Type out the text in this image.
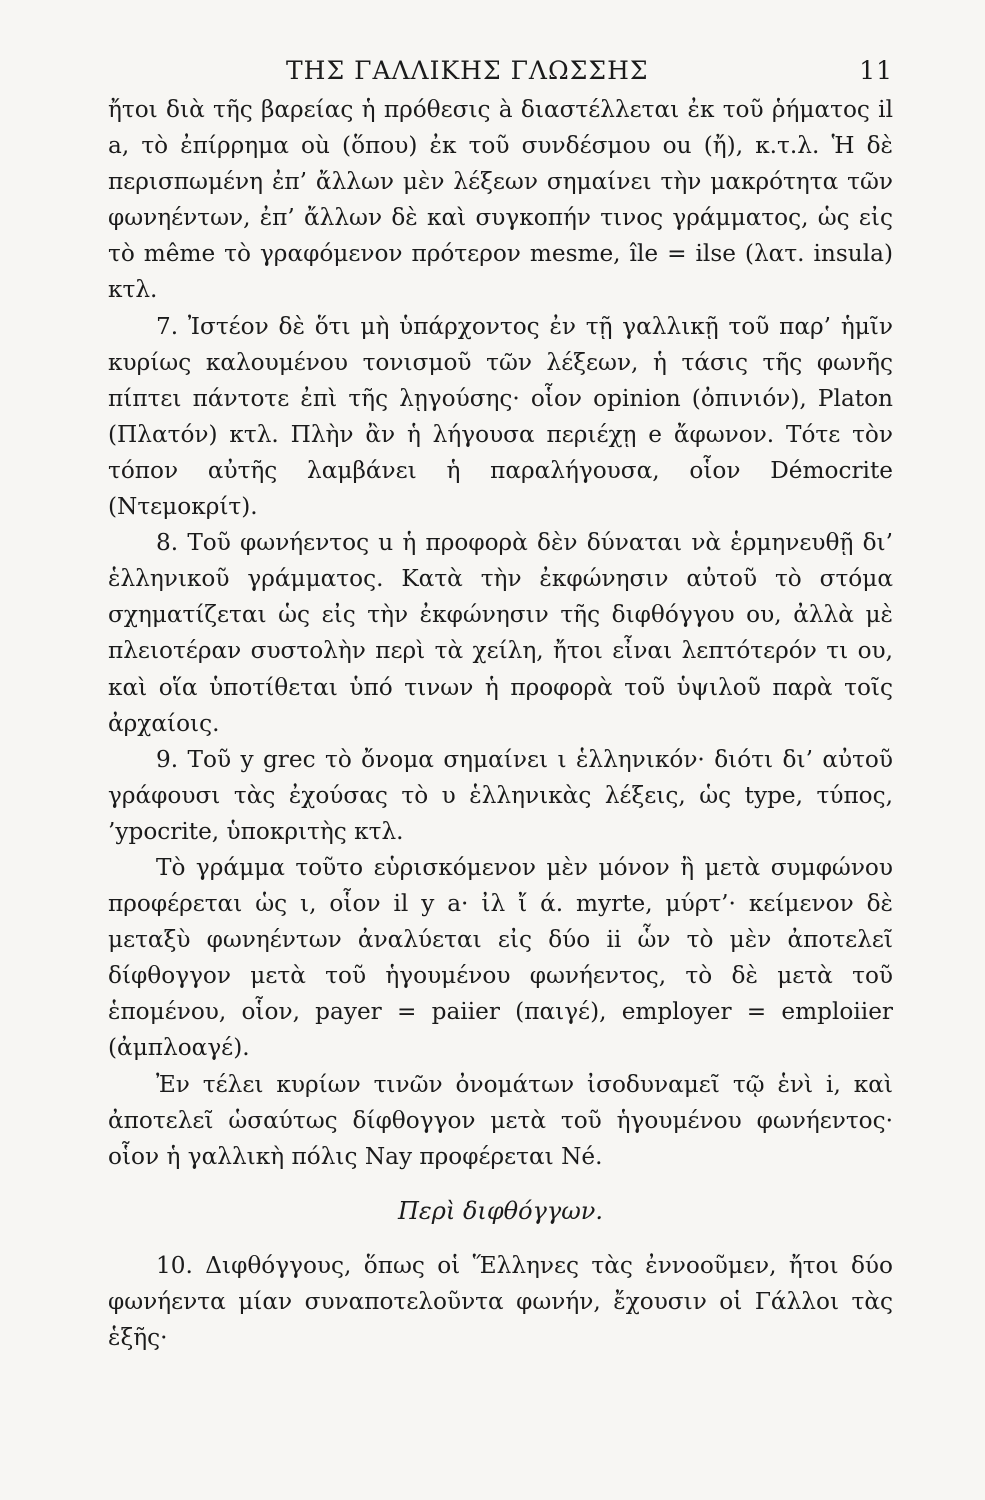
ΤΗΣ ΓΑΛΛΙΚΗΣ ΓΛΩΣΣΗΣ	11

ἤτοι διὰ τῆς βαρείας ἡ πρόθεσις à διαστέλλεται ἐκ τοῦ ῥήματος il a, τὸ ἐπίρρημα où (ὅπου) ἐκ τοῦ συνδέσμου ou (ἤ), κ.τ.λ. Ἡ δὲ περισπωμένη ἐπ’ ἄλλων μὲν λέξεων σημαίνει τὴν μακρότητα τῶν φωνηέντων, ἐπ’ ἄλλων δὲ καὶ συγκοπήν τινος γράμματος, ὡς εἰς τὸ même τὸ γραφόμενον πρότερον mesme, île = ilse (λατ. insula) κτλ.

7. Ἰστέον δὲ ὅτι μὴ ὑπάρχοντος ἐν τῇ γαλλικῇ τοῦ παρ’ ἡμῖν κυρίως καλουμένου τονισμοῦ τῶν λέξεων, ἡ τάσις τῆς φωνῆς πίπτει πάντοτε ἐπὶ τῆς λῃγούσης· οἷον opinion (ὀπινιόν), Platon (Πλατόν) κτλ. Πλὴν ἂν ἡ λήγουσα περιέχῃ e ἄφωνον. Τότε τὸν τόπον αὐτῆς λαμβάνει ἡ παραλήγουσα, οἷον Démocrite (Ντεμοκρίτ).

8. Τοῦ φωνήεντος u ἡ προφορὰ δὲν δύναται νὰ ἑρμηνευθῇ δι’ ἑλληνικοῦ γράμματος. Κατὰ τὴν ἐκφώνησιν αὐτοῦ τὸ στόμα σχηματίζεται ὡς εἰς τὴν ἐκφώνησιν τῆς διφθόγγου ου, ἀλλὰ μὲ πλειοτέραν συστολὴν περὶ τὰ χείλη, ἤτοι εἶναι λεπτότερόν τι ου, καὶ οἵα ὑποτίθεται ὑπό τινων ἡ προφορὰ τοῦ ὑψιλοῦ παρὰ τοῖς ἀρχαίοις.

9. Τοῦ y grec τὸ ὄνομα σημαίνει ι ἑλληνικόν· διότι δι’ αὐτοῦ γράφουσι τὰς ἐχούσας τὸ υ ἑλληνικὰς λέξεις, ὡς type, τύπος, ’ypocrite, ὑποκριτὴς κτλ.

Τὸ γράμμα τοῦτο εὑρισκόμενον μὲν μόνον ἢ μετὰ συμφώνου προφέρεται ὡς ι, οἷον il y a· ἰλ ἴ ά. myrte, μύρτ’· κείμενον δὲ μεταξὺ φωνηέντων ἀναλύεται εἰς δύο ii ὧν τὸ μὲν ἀποτελεῖ δίφθογγον μετὰ τοῦ ἡγουμένου φωνήεντος, τὸ δὲ μετὰ τοῦ ἑπομένου, οἷον, payer = paiier (παιγέ), employer = emploiier (ἀμπλοαγέ).

Ἐν τέλει κυρίων τινῶν ὀνομάτων ἰσοδυναμεῖ τῷ ἑνὶ i, καὶ ἀποτελεῖ ὡσαύτως δίφθογγον μετὰ τοῦ ἡγουμένου φωνήεντος· οἷον ἡ γαλλικὴ πόλις Nay προφέρεται Né.

Περὶ διφθόγγων.

10. Διφθόγγους, ὅπως οἱ Ἕλληνες τὰς ἐννοοῦμεν, ἤτοι δύο φωνήεντα μίαν συναποτελοῦντα φωνήν, ἔχουσιν οἱ Γάλλοι τὰς ἑξῆς·
